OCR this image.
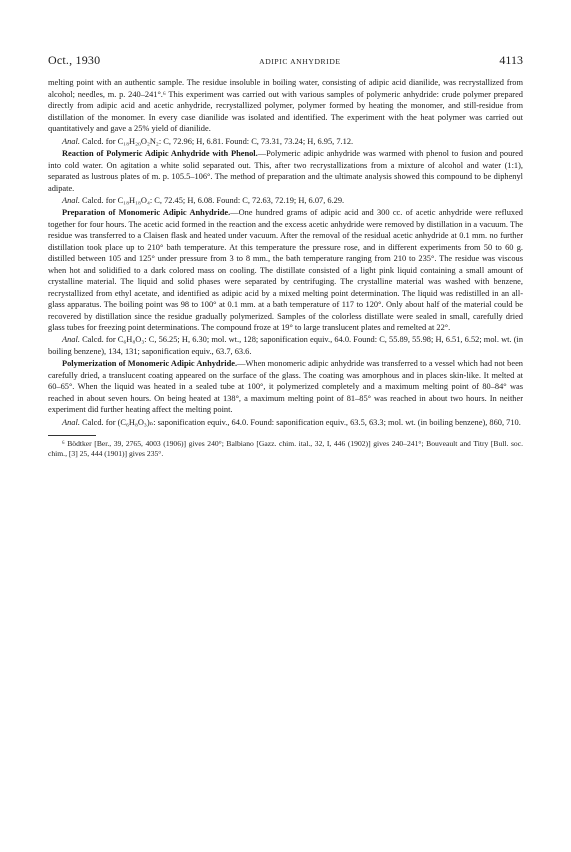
Oct., 1930	ADIPIC ANHYDRIDE	4113

melting point with an authentic sample. The residue insoluble in boiling water, consisting of adipic acid dianilide, was recrystallized from alcohol; needles, m. p. 240–241°.⁶ This experiment was carried out with various samples of polymeric anhydride: crude polymer prepared directly from adipic acid and acetic anhydride, recrystallized polymer, polymer formed by heating the monomer, and still-residue from distillation of the monomer. In every case dianilide was isolated and identified. The experiment with the heat polymer was carried out quantitatively and gave a 25% yield of dianilide.

Anal. Calcd. for C₁₈H₂₀O₂N₂: C, 72.96; H, 6.81. Found: C, 73.31, 73.24; H, 6.95, 7.12.

Reaction of Polymeric Adipic Anhydride with Phenol.—Polymeric adipic anhydride was warmed with phenol to fusion and poured into cold water. On agitation a white solid separated out. This, after two recrystallizations from a mixture of alcohol and water (1:1), separated as lustrous plates of m. p. 105.5–106°. The method of preparation and the ultimate analysis showed this compound to be diphenyl adipate.

Anal. Calcd. for C₁₈H₁₈O₄: C, 72.45; H, 6.08. Found: C, 72.63, 72.19; H, 6.07, 6.29.

Preparation of Monomeric Adipic Anhydride.—One hundred grams of adipic acid and 300 cc. of acetic anhydride were refluxed together for four hours. The acetic acid formed in the reaction and the excess acetic anhydride were removed by distillation in a vacuum. The residue was transferred to a Claisen flask and heated under vacuum. After the removal of the residual acetic anhydride at 0.1 mm. no further distillation took place up to 210° bath temperature. At this temperature the pressure rose, and in different experiments from 50 to 60 g. distilled between 105 and 125° under pressure from 3 to 8 mm., the bath temperature ranging from 210 to 235°. The residue was viscous when hot and solidified to a dark colored mass on cooling. The distillate consisted of a light pink liquid containing a small amount of crystalline material. The liquid and solid phases were separated by centrifuging. The crystalline material was washed with benzene, recrystallized from ethyl acetate, and identified as adipic acid by a mixed melting point determination. The liquid was redistilled in an all-glass apparatus. The boiling point was 98 to 100° at 0.1 mm. at a bath temperature of 117 to 120°. Only about half of the material could be recovered by distillation since the residue gradually polymerized. Samples of the colorless distillate were sealed in small, carefully dried glass tubes for freezing point determinations. The compound froze at 19° to large translucent plates and remelted at 22°.

Anal. Calcd. for C₆H₈O₃: C, 56.25; H, 6.30; mol. wt., 128; saponification equiv., 64.0. Found: C, 55.89, 55.98; H, 6.51, 6.52; mol. wt. (in boiling benzene), 134, 131; saponification equiv., 63.7, 63.6.

Polymerization of Monomeric Adipic Anhydride.—When monomeric adipic anhydride was transferred to a vessel which had not been carefully dried, a translucent coating appeared on the surface of the glass. The coating was amorphous and in places skin-like. It melted at 60–65°. When the liquid was heated in a sealed tube at 100°, it polymerized completely and a maximum melting point of 80–84° was reached in about seven hours. On being heated at 138°, a maximum melting point of 81–85° was reached in about two hours. In neither experiment did further heating affect the melting point.

Anal. Calcd. for (C₆H₈O₃)ₙ: saponification equiv., 64.0. Found: saponification equiv., 63.5, 63.3; mol. wt. (in boiling benzene), 860, 710.

⁶ Bödtker [Ber., 39, 2765, 4003 (1906)] gives 240°; Balbiano [Gazz. chim. ital., 32, I, 446 (1902)] gives 240–241°; Bouveault and Titry [Bull. soc. chim., [3] 25, 444 (1901)] gives 235°.
